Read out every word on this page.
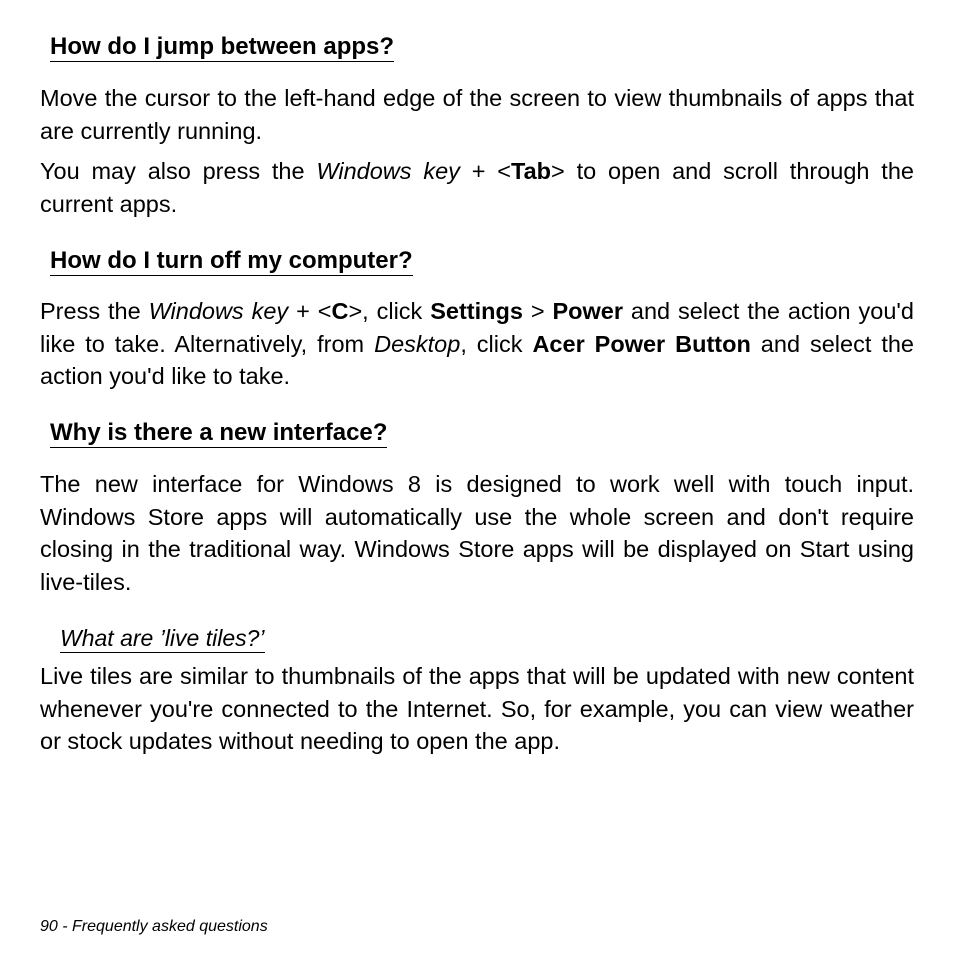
How do I jump between apps?

Move the cursor to the left-hand edge of the screen to view thumbnails of apps that are currently running.

You may also press the Windows key + <Tab> to open and scroll through the current apps.

How do I turn off my computer?

Press the Windows key + <C>, click Settings > Power and select the action you'd like to take. Alternatively, from Desktop, click Acer Power Button and select the action you'd like to take.

Why is there a new interface?

The new interface for Windows 8 is designed to work well with touch input. Windows Store apps will automatically use the whole screen and don't require closing in the traditional way. Windows Store apps will be displayed on Start using live-tiles.

What are ’live tiles?’

Live tiles are similar to thumbnails of the apps that will be updated with new content whenever you're connected to the Internet. So, for example, you can view weather or stock updates without needing to open the app.

90 - Frequently asked questions
